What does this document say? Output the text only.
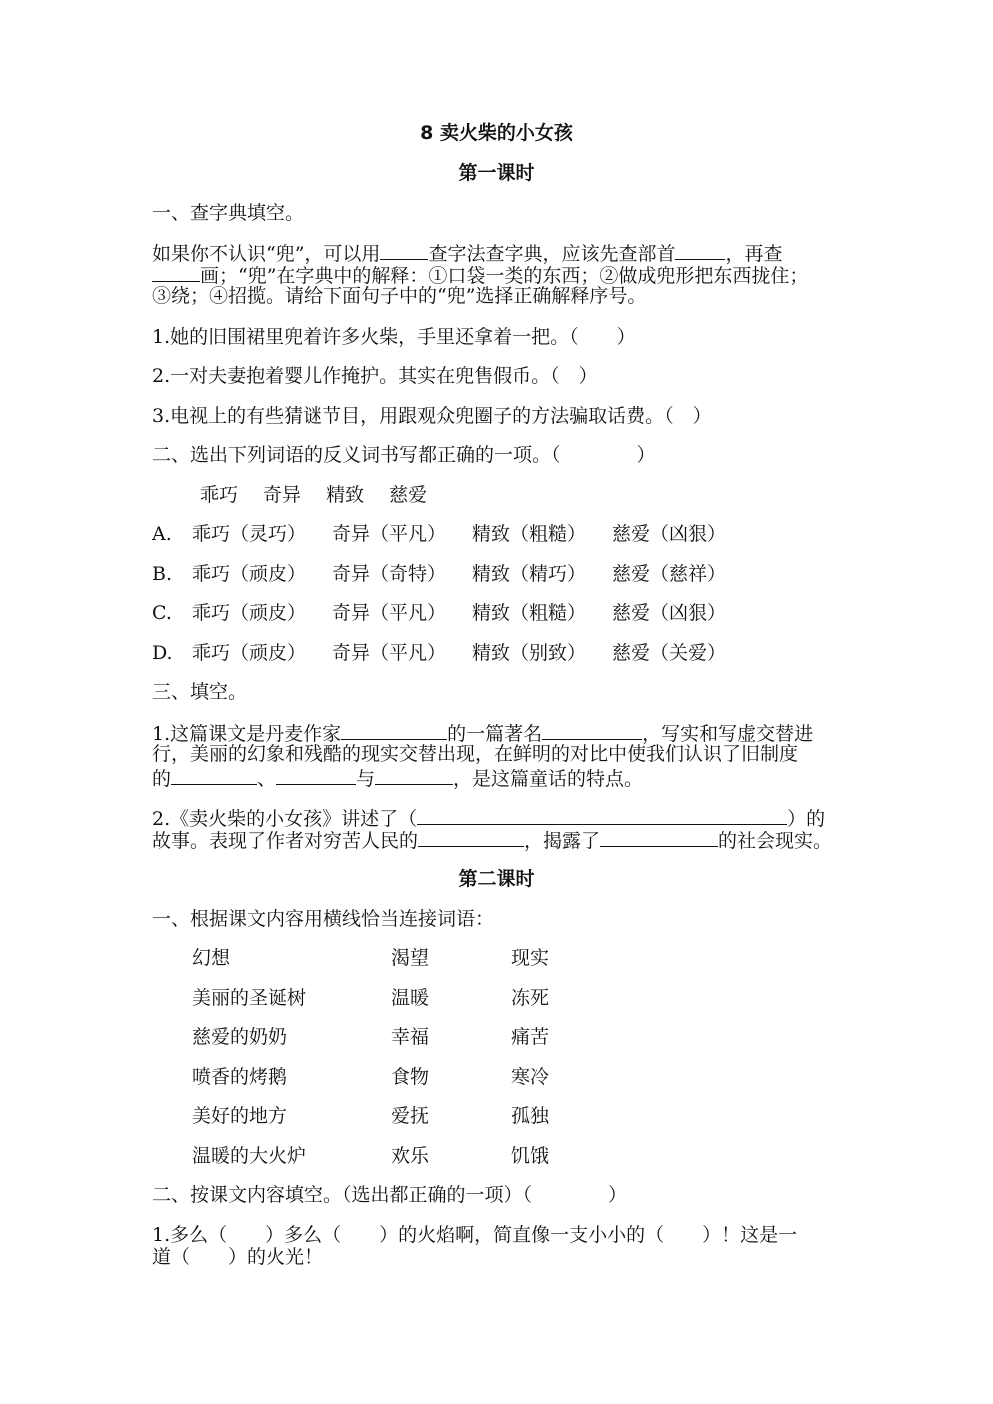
8 卖火柴的小女孩
第一课时
一、查字典填空。
如果你不认识“兜”，可以用	查字法查字典，应该先查部首	，再查
画；“兜”在字典中的解释：①口袋一类的东西；②做成兜形把东西拢住；
③绕；④招揽。请给下面句子中的“兜”选择正确解释序号。
1.她的旧围裙里兜着许多火柴，手里还拿着一把。（　　）
2.一对夫妻抱着婴儿作掩护。其实在兜售假币。（　）
3.电视上的有些猜谜节目，用跟观众兜圈子的方法骗取话费。（　）
二、选出下列词语的反义词书写都正确的一项。（　　　　）
乖巧　 奇异　 精致　 慈爱
A. 乖巧（灵巧） 奇异（平凡） 精致（粗糙） 慈爱（凶狠）
B. 乖巧（顽皮） 奇异（奇特） 精致（精巧） 慈爱（慈祥）
C. 乖巧（顽皮） 奇异（平凡） 精致（粗糙） 慈爱（凶狠）
D. 乖巧（顽皮） 奇异（平凡） 精致（别致） 慈爱（关爱）
三、填空。
1.这篇课文是丹麦作家	的一篇著名	，写实和写虚交替进
行，美丽的幻象和残酷的现实交替出现，在鲜明的对比中使我们认识了旧制度
的	、	与	，是这篇童话的特点。
2.《卖火柴的小女孩》讲述了（	）的
故事。表现了作者对穷苦人民的	，揭露了	的社会现实。
第二课时
一、根据课文内容用横线恰当连接词语：
幻想	渴望	现实
美丽的圣诞树	温暖	冻死
慈爱的奶奶	幸福	痛苦
喷香的烤鹅	食物	寒冷
美好的地方	爱抚	孤独
温暖的大火炉	欢乐	饥饿
二、按课文内容填空。（选出都正确的一项）（　　　　）
1.多么（　　）多么（　　）的火焰啊，简直像一支小小的（　　）！这是一
道（　　）的火光！
